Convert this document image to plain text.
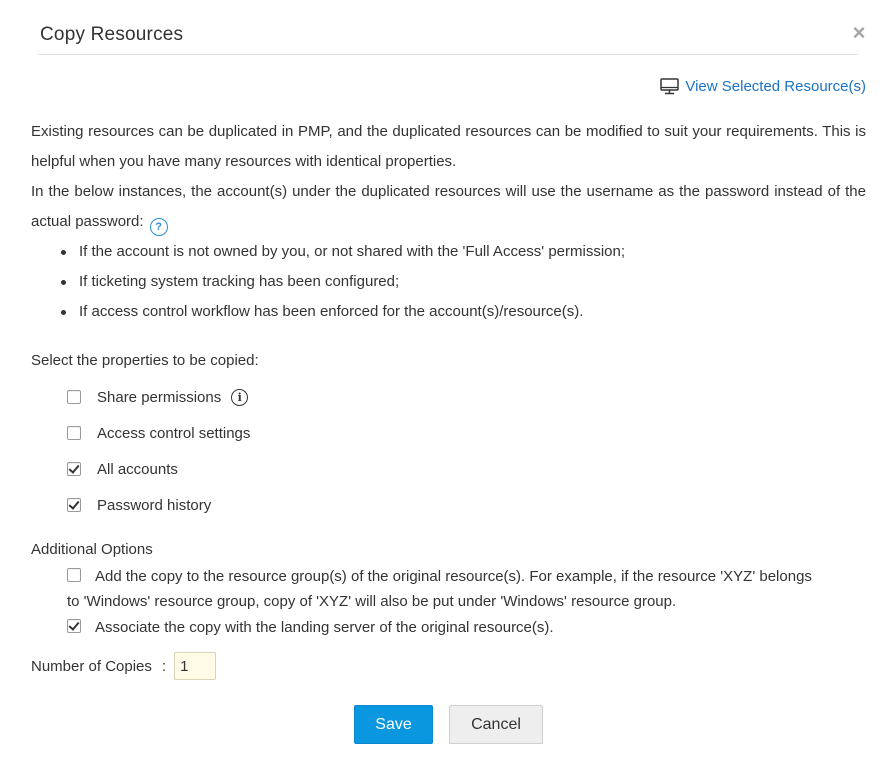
Copy Resources	×
View Selected Resource(s)

Existing resources can be duplicated in PMP, and the duplicated resources can be modified to suit your requirements. This is helpful when you have many resources with identical properties.

In the below instances, the account(s) under the duplicated resources will use the username as the password instead of the actual password: ?

If the account is not owned by you, or not shared with the 'Full Access' permission;
If ticketing system tracking has been configured;
If access control workflow has been enforced for the account(s)/resource(s).
Select the properties to be copied:
Share permissions	i
Access control settings
All accounts
Password history
Additional Options
Add the copy to the resource group(s) of the original resource(s). For example, if the resource 'XYZ' belongs to 'Windows' resource group, copy of 'XYZ' will also be put under 'Windows' resource group.
Associate the copy with the landing server of the original resource(s).
Number of Copies :
1
Save	Cancel
